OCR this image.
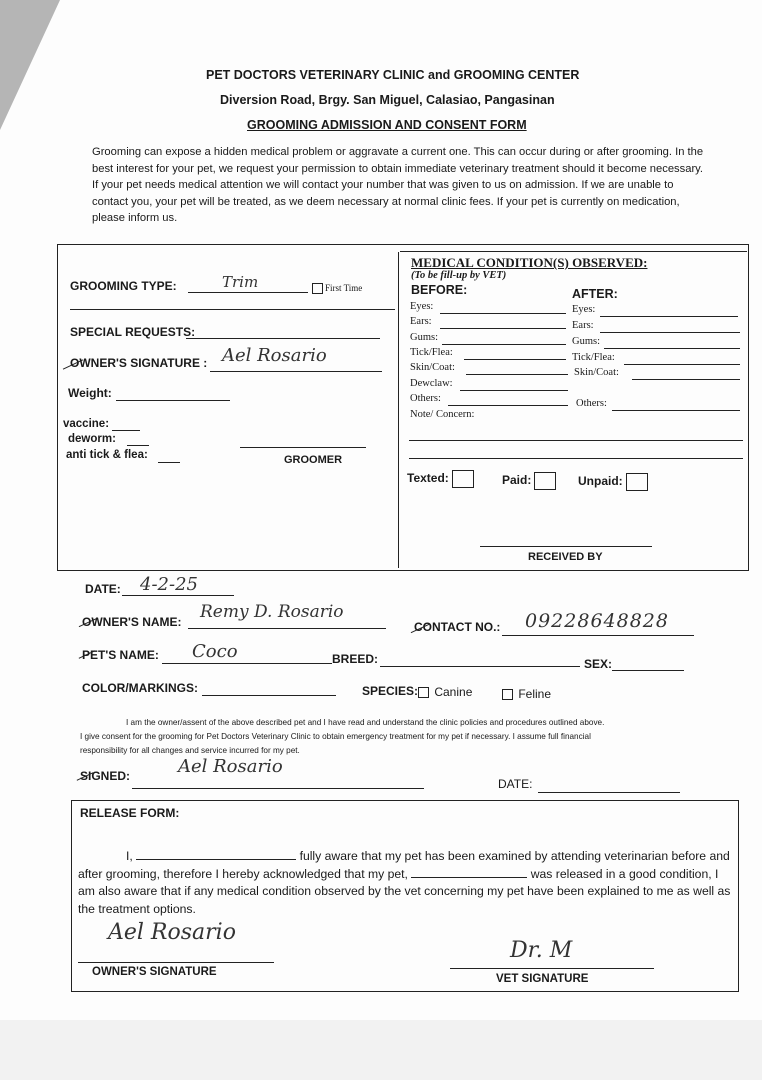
PET DOCTORS VETERINARY CLINIC and GROOMING CENTER
Diversion Road, Brgy. San Miguel, Calasiao, Pangasinan
GROOMING ADMISSION AND CONSENT FORM
Grooming can expose a hidden medical problem or aggravate a current one. This can occur during or after grooming. In the best interest for your pet, we request your permission to obtain immediate veterinary treatment should it become necessary. If your pet needs medical attention we will contact your number that was given to us on admission. If we are unable to contact you, your pet will be treated, as we deem necessary at normal clinic fees. If your pet is currently on medication, please inform us.
GROOMING TYPE:	Trim	First Time
SPECIAL REQUESTS:
OWNER'S SIGNATURE : Ael Rosario
Weight:
vaccine:
deworm:
anti tick & flea:	GROOMER
MEDICAL CONDITION(S) OBSERVED:
(To be fill-up by VET)
BEFORE:	AFTER:
Eyes:
Ears:
Gums:
Tick/Flea:
Skin/Coat:
Dewclaw:
Others:
Note/ Concern:
Eyes:
Ears:
Gums:
Tick/Flea:
Skin/Coat:
Others:
Texted:	Paid:	Unpaid:
RECEIVED BY
DATE: 4-2-25
OWNER'S NAME: Remy D. Rosario
CONTACT NO.: 09228648828
PET'S NAME: Coco	BREED:	SEX:
COLOR/MARKINGS:	SPECIES:	Canine	Feline
I am the owner/assent of the above described pet and I have read and understand the clinic policies and procedures outlined above.
I give consent for the grooming for Pet Doctors Veterinary Clinic to obtain emergency treatment for my pet if necessary. I assume full financial
responsibility for all changes and service incurred for my pet.
SIGNED:	Ael Rosario
DATE:
RELEASE FORM:
I,	fully aware that my pet has been examined by attending veterinarian before and after grooming, therefore I hereby acknowledged that my pet,	was released in a good condition, I am also aware that if any medical condition observed by the vet concerning my pet have been explained to me as well as the treatment options.
Ael Rosario
OWNER'S SIGNATURE
Dr. M
VET SIGNATURE
